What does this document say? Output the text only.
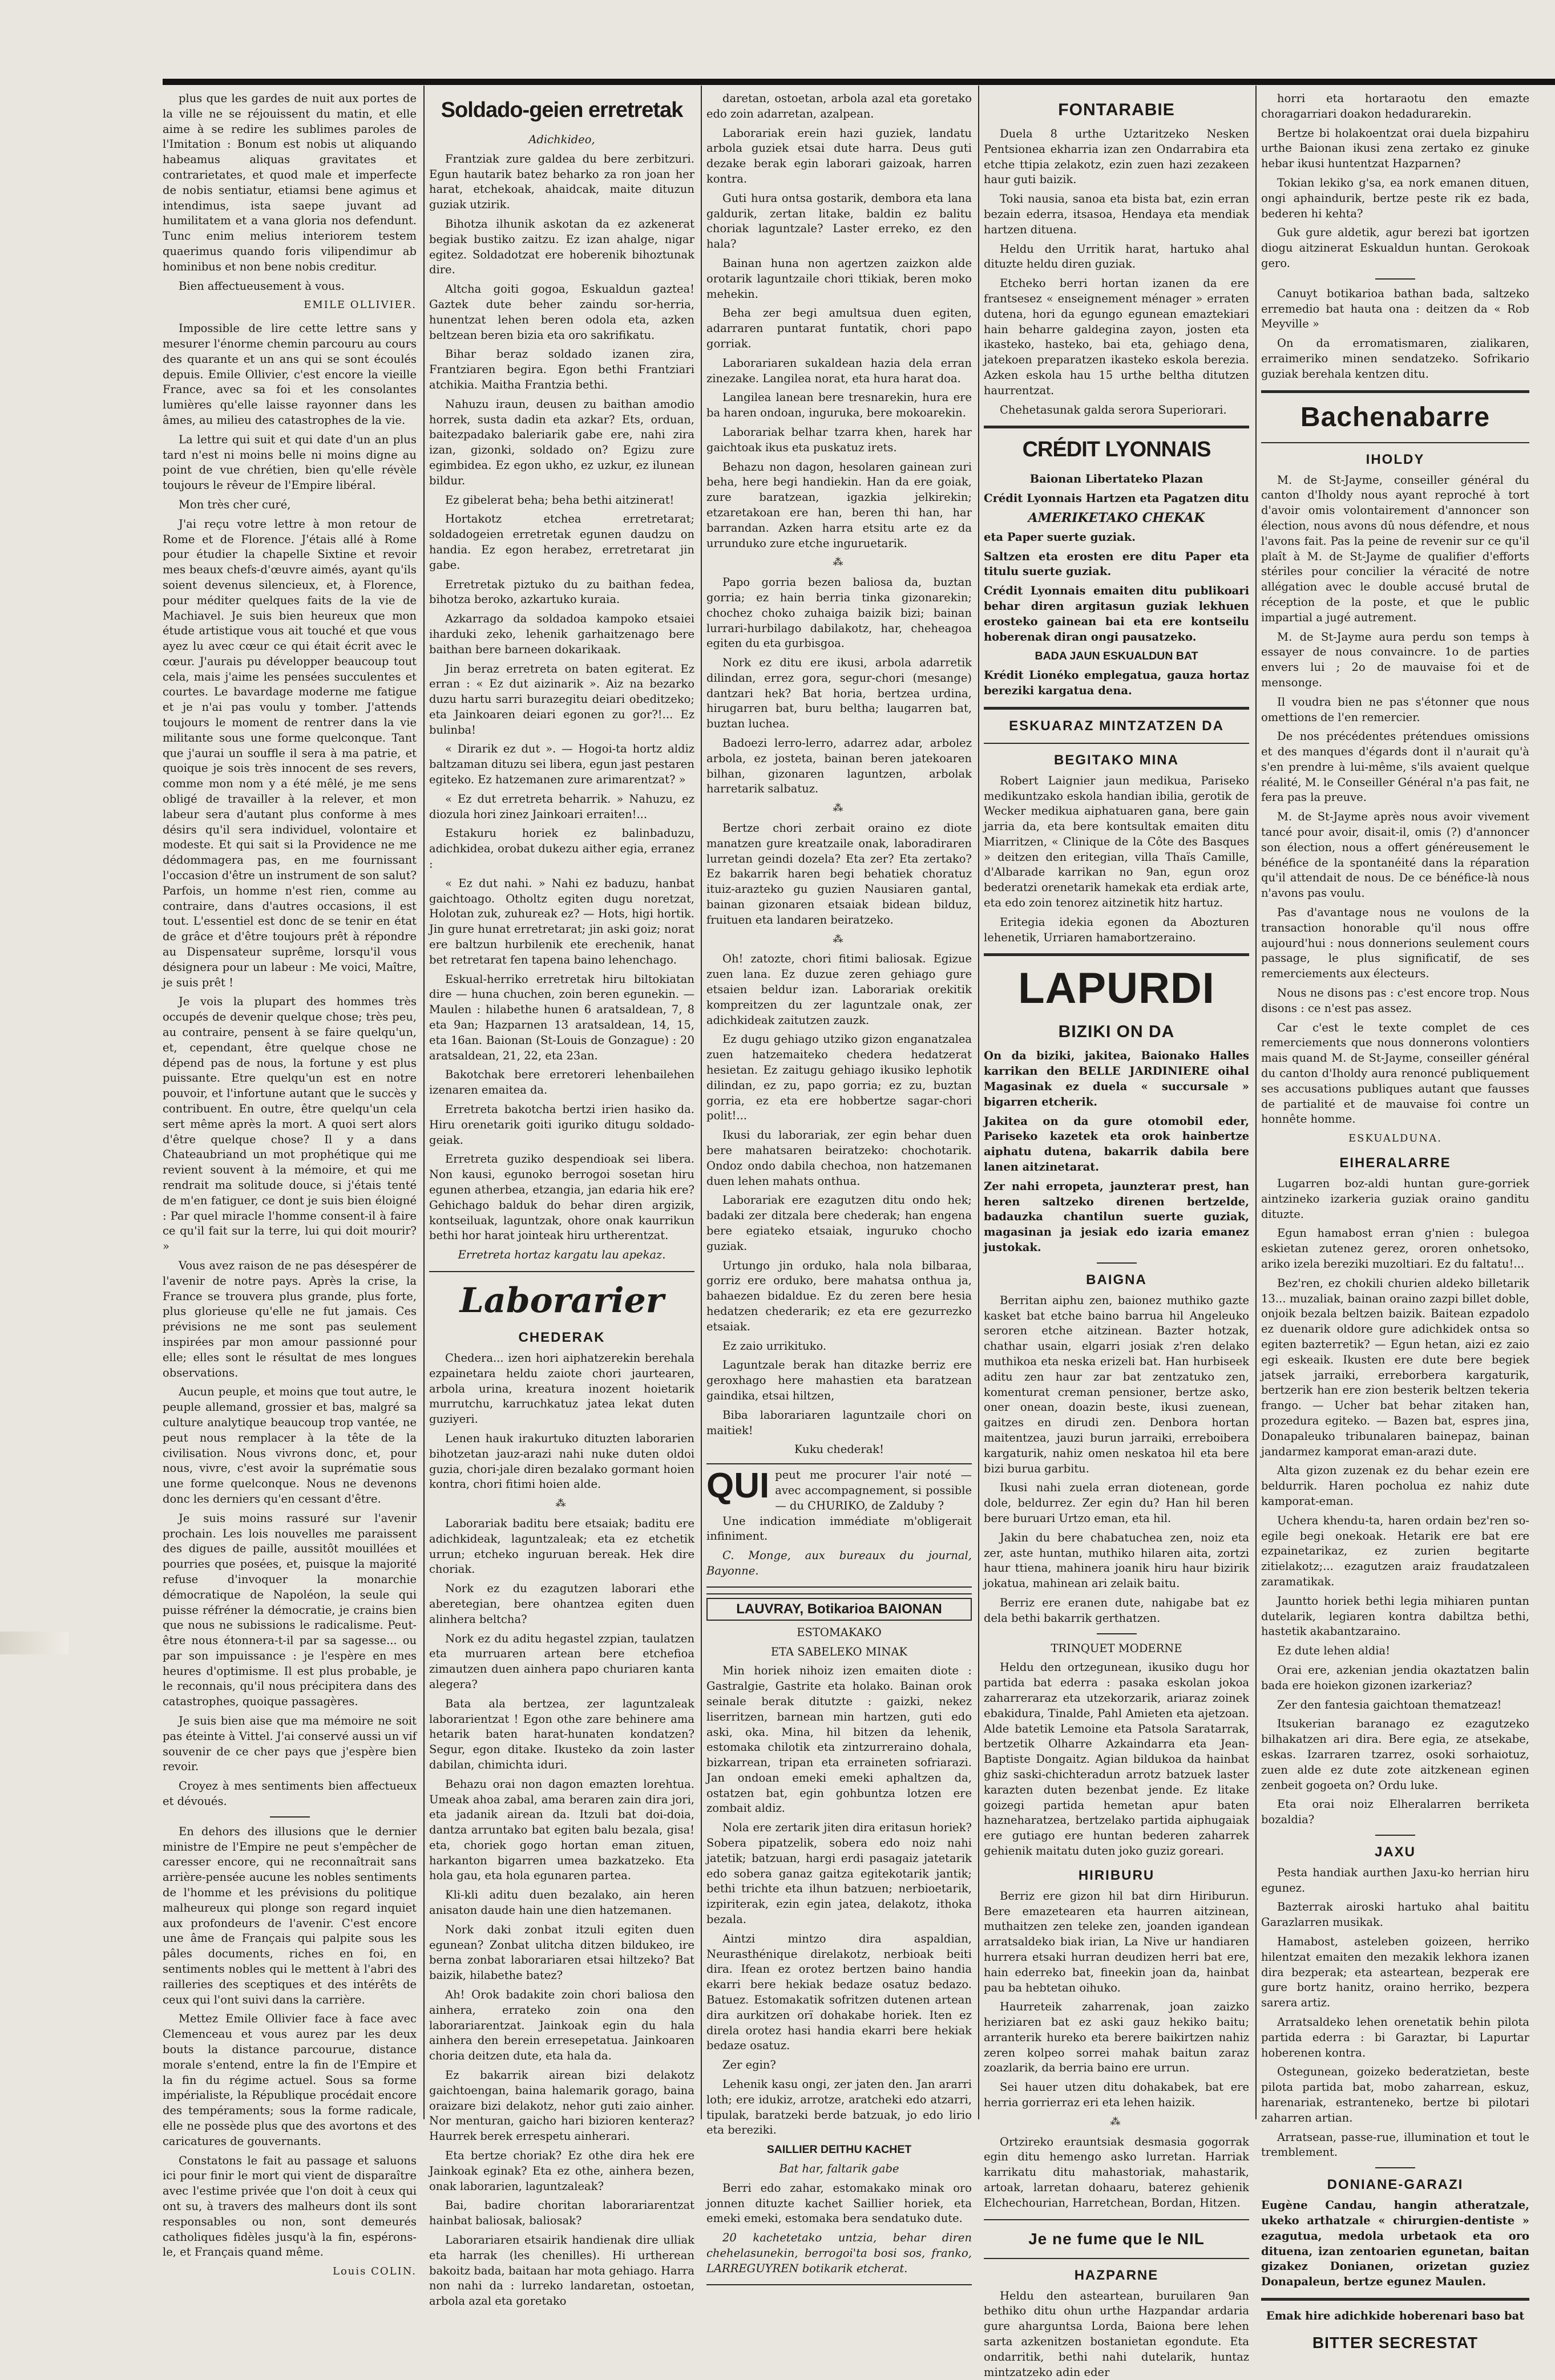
plus que les gardes de nuit aux portes de la ville ne se réjouissent du matin, et elle aime à se redire les sublimes paroles de l'Imitation : Bonum est nobis ut aliquando habeamus aliquas gravitates et contrarietates, et quod male et imperfecte de nobis sentiatur, etiamsi bene agimus et intendimus, ista saepe juvant ad humilitatem et a vana gloria nos defendunt. Tunc enim melius interiorem testem quaerimus quando foris vilipendimur ab hominibus et non bene nobis creditur.

Bien affectueusement à vous.

EMILE OLLIVIER.

Impossible de lire cette lettre sans y mesurer l'énorme chemin parcouru au cours des quarante et un ans qui se sont écoulés depuis. Emile Ollivier, c'est encore la vieille France, avec sa foi et les consolantes lumières qu'elle laisse rayonner dans les âmes, au milieu des catastrophes de la vie.

La lettre qui suit et qui date d'un an plus tard n'est ni moins belle ni moins digne au point de vue chrétien, bien qu'elle révèle toujours le rêveur de l'Empire libéral.

Mon très cher curé,

J'ai reçu votre lettre à mon retour de Rome et de Florence. J'étais allé à Rome pour étudier la chapelle Sixtine et revoir mes beaux chefs-d'œuvre aimés, ayant qu'ils soient devenus silencieux, et, à Florence, pour méditer quelques faits de la vie de Machiavel. Je suis bien heureux que mon étude artistique vous ait touché et que vous ayez lu avec cœur ce qui était écrit avec le cœur. J'aurais pu développer beaucoup tout cela, mais j'aime les pensées succulentes et courtes. Le bavardage moderne me fatigue et je n'ai pas voulu y tomber. J'attends toujours le moment de rentrer dans la vie militante sous une forme quelconque. Tant que j'aurai un souffle il sera à ma patrie, et quoique je sois très innocent de ses revers, comme mon nom y a été mêlé, je me sens obligé de travailler à la relever, et mon labeur sera d'autant plus conforme à mes désirs qu'il sera individuel, volontaire et modeste. Et qui sait si la Providence ne me dédommagera pas, en me fournissant l'occasion d'être un instrument de son salut? Parfois, un homme n'est rien, comme au contraire, dans d'autres occasions, il est tout. L'essentiel est donc de se tenir en état de grâce et d'être toujours prêt à répondre au Dispensateur suprême, lorsqu'il vous désignera pour un labeur : Me voici, Maître, je suis prêt !

Je vois la plupart des hommes très occupés de devenir quelque chose; très peu, au contraire, pensent à se faire quelqu'un, et, cependant, être quelque chose ne dépend pas de nous, la fortune y est plus puissante. Etre quelqu'un est en notre pouvoir, et l'infortune autant que le succès y contribuent. En outre, être quelqu'un cela sert même après la mort. A quoi sert alors d'être quelque chose? Il y a dans Chateaubriand un mot prophétique qui me revient souvent à la mémoire, et qui me rendrait ma solitude douce, si j'étais tenté de m'en fatiguer, ce dont je suis bien éloigné : Par quel miracle l'homme consent-il à faire ce qu'il fait sur la terre, lui qui doit mourir? »

Vous avez raison de ne pas désespérer de l'avenir de notre pays. Après la crise, la France se trouvera plus grande, plus forte, plus glorieuse qu'elle ne fut jamais. Ces prévisions ne me sont pas seulement inspirées par mon amour passionné pour elle; elles sont le résultat de mes longues observations.

Aucun peuple, et moins que tout autre, le peuple allemand, grossier et bas, malgré sa culture analytique beaucoup trop vantée, ne peut nous remplacer à la tête de la civilisation. Nous vivrons donc, et, pour nous, vivre, c'est avoir la suprématie sous une forme quelconque. Nous ne devenons donc les derniers qu'en cessant d'être.

Je suis moins rassuré sur l'avenir prochain. Les lois nouvelles me paraissent des digues de paille, aussitôt mouillées et pourries que posées, et, puisque la majorité refuse d'invoquer la monarchie démocratique de Napoléon, la seule qui puisse réfréner la démocratie, je crains bien que nous ne subissions le radicalisme. Peut-être nous étonnera-t-il par sa sagesse... ou par son impuissance : je l'espère en mes heures d'optimisme. Il est plus probable, je le reconnais, qu'il nous précipitera dans des catastrophes, quoique passagères.

Je suis bien aise que ma mémoire ne soit pas éteinte à Vittel. J'ai conservé aussi un vif souvenir de ce cher pays que j'espère bien revoir.

Croyez à mes sentiments bien affectueux et dévoués.

En dehors des illusions que le dernier ministre de l'Empire ne peut s'empêcher de caresser encore, qui ne reconnaîtrait sans arrière-pensée aucune les nobles sentiments de l'homme et les prévisions du politique malheureux qui plonge son regard inquiet aux profondeurs de l'avenir. C'est encore une âme de Français qui palpite sous les pâles documents, riches en foi, en sentiments nobles qui le mettent à l'abri des railleries des sceptiques et des intérêts de ceux qui l'ont suivi dans la carrière.

Mettez Emile Ollivier face à face avec Clemenceau et vous aurez par les deux bouts la distance parcourue, distance morale s'entend, entre la fin de l'Empire et la fin du régime actuel. Sous sa forme impérialiste, la République procédait encore des tempéraments; sous la forme radicale, elle ne possède plus que des avortons et des caricatures de gouvernants.

Constatons le fait au passage et saluons ici pour finir le mort qui vient de disparaître avec l'estime privée que l'on doit à ceux qui ont su, à travers des malheurs dont ils sont responsables ou non, sont demeurés catholiques fidèles jusqu'à la fin, espérons-le, et Français quand même.

Louis COLIN.

Soldado-geien erretretak

Adichkideo,

Frantziak zure galdea du bere zerbitzuri. Egun hautarik batez beharko za ron joan her harat, etchekoak, ahaidcak, maite dituzun guziak utzirik.

Bihotza ilhunik askotan da ez azkenerat begiak bustiko zaitzu. Ez izan ahalge, nigar egitez. Soldadotzat ere hoberenik bihoztunak dire.

Altcha goiti gogoa, Eskualdun gaztea! Gaztek dute beher zaindu sor-herria, hunentzat lehen beren odola eta, azken beltzean beren bizia eta oro sakrifikatu.

Bihar beraz soldado izanen zira, Frantziaren begira. Egon bethi Frantziari atchikia. Maitha Frantzia bethi.

Nahuzu iraun, deusen zu baithan amodio horrek, susta dadin eta azkar? Ets, orduan, baitezpadako baleriarik gabe ere, nahi zira izan, gizonki, soldado on? Egizu zure egimbidea. Ez egon ukho, ez uzkur, ez ilunean bildur.

Ez gibelerat beha; beha bethi aitzinerat!

Hortakotz etchea erretretarat; soldadogeien erretretak egunen daudzu on handia. Ez egon herabez, erretretarat jin gabe.

Erretretak piztuko du zu baithan fedea, bihotza beroko, azkartuko kuraia.

Azkarrago da soldadoa kampoko etsaiei iharduki zeko, lehenik garhaitzenago bere baithan bere barneen dokarikaak.

Jin beraz erretreta on baten egiterat. Ez erran : « Ez dut aizinarik ». Aiz na bezarko duzu hartu sarri burazegitu deiari obeditzeko; eta Jainkoaren deiari egonen zu gor?!... Ez bulinba!

« Dirarik ez dut ». — Hogoi-ta hortz aldiz baltzaman dituzu sei libera, egun jast pestaren egiteko. Ez hatzemanen zure arimarentzat? »

« Ez dut erretreta beharrik. » Nahuzu, ez diozula hori zinez Jainkoari erraiten!...

Estakuru horiek ez balinbaduzu, adichkidea, orobat dukezu aither egia, erranez :

« Ez dut nahi. » Nahi ez baduzu, hanbat gaichtoago. Otholtz egiten dugu noretzat, Holotan zuk, zuhureak ez? — Hots, higi hortik. Jin gure hunat erretretarat; jin aski goiz; norat ere baltzun hurbilenik ete erechenik, hanat bet retretarat fen tapena baino lehenchago.

Eskual-herriko erretretak hiru biltokiatan dire — huna chuchen, zoin beren egunekin. — Maulen : hilabethe hunen 6 aratsaldean, 7, 8 eta 9an; Hazparnen 13 aratsaldean, 14, 15, eta 16an. Baionan (St-Louis de Gonzague) : 20 aratsaldean, 21, 22, eta 23an.

Bakotchak bere erretoreri lehenbailehen izenaren emaitea da.

Erretreta bakotcha bertzi irien hasiko da. Hiru orenetarik goiti iguriko ditugu soldado-geiak.

Erretreta guziko despendioak sei libera. Non kausi, egunoko berrogoi sosetan hiru egunen atherbea, etzangia, jan edaria hik ere? Gehichago balduk do behar diren argizik, kontseiluak, laguntzak, ohore onak kaurrikun bethi hor harat jointeak hiru urtherentzat.

Erretreta hortaz kargatu lau apekaz.

Laborarier
CHEDERAK

Chedera... izen hori aiphatzerekin berehala ezpainetara heldu zaiote chori jaurtearen, arbola urina, kreatura inozent hoietarik murrutchu, karruchkatuz jatea lekat duten guziyeri.

Lenen hauk irakurtuko dituzten laborarien bihotzetan jauz-arazi nahi nuke duten oldoi guzia, chori-jale diren bezalako gormant hoien kontra, chori fitimi hoien alde.

⁂

Laborariak baditu bere etsaiak; baditu ere adichkideak, laguntzaleak; eta ez etchetik urrun; etcheko inguruan bereak. Hek dire choriak.

Nork ez du ezagutzen laborari ethe aberetegian, bere ohantzea egiten duen alinhera beltcha?

Nork ez du aditu hegastel zzpian, taulatzen eta murruaren artean bere etchefioa zimautzen duen ainhera papo churiaren kanta alegera?

Bata ala bertzea, zer laguntzaleak laborarientzat ! Egon othe zare behinere ama hetarik baten harat-hunaten kondatzen? Segur, egon ditake. Ikusteko da zoin laster dabilan, chimichta iduri.

Behazu orai non dagon emazten lorehtua. Umeak ahoa zabal, ama beraren zain dira jori, eta jadanik airean da. Itzuli bat doi-doia, dantza arruntako bat egiten balu bezala, gisa! eta, choriek gogo hortan eman zituen, harkanton bigarren umea bazkatzeko. Eta hola gau, eta hola egunaren partea.

Kli-kli aditu duen bezalako, ain heren anisaton daude hain une dien hatzemanen.

Nork daki zonbat itzuli egiten duen egunean? Zonbat ulitcha ditzen bildukeo, ire berna zonbat laborariaren etsai hiltzeko? Bat baizik, hilabethe batez?

Ah! Orok badakite zoin chori baliosa den ainhera, errateko zoin ona den laborariarentzat. Jainkoak egin du hala ainhera den berein erresepetatua. Jainkoaren choria deitzen dute, eta hala da.

Ez bakarrik airean bizi delakotz gaichtoengan, baina halemarik gorago, baina oraizare bizi delakotz, nehor guti zaio ainher. Nor menturan, gaicho hari bizioren kenteraz? Haurrek berek errespetu ainherari.

Eta bertze choriak? Ez othe dira hek ere Jainkoak eginak? Eta ez othe, ainhera bezen, onak laborarien, laguntzaleak?

Bai, badire choritan laborariarentzat hainbat baliosak, baliosak?

Laborariaren etsairik handienak dire ulliak eta harrak (les chenilles). Hi urtherean bakoitz bada, baitaan har mota gehiago. Harra non nahi da : lurreko landaretan, ostoetan, arbola azal eta goretako

daretan, ostoetan, arbola azal eta goretako edo zoin adarretan, azalpean.

Laborariak erein hazi guziek, landatu arbola guziek etsai dute harra. Deus guti dezake berak egin laborari gaizoak, harren kontra.

Guti hura ontsa gostarik, dembora eta lana galdurik, zertan litake, baldin ez balitu choriak laguntzale? Laster erreko, ez den hala?

Bainan huna non agertzen zaizkon alde orotarik laguntzaile chori ttikiak, beren moko mehekin.

Beha zer begi amultsua duen egiten, adarraren puntarat funtatik, chori papo gorriak.

Laborariaren sukaldean hazia dela erran zinezake. Langilea norat, eta hura harat doa.

Langilea lanean bere tresnarekin, hura ere ba haren ondoan, inguruka, bere mokoarekin.

Laborariak belhar tzarra khen, harek har gaichtoak ikus eta puskatuz irets.

Behazu non dagon, hesolaren gainean zuri beha, here begi handiekin. Han da ere goiak, zure baratzean, igazkia jelkirekin; etzaretakoan ere han, beren thi han, har barrandan. Azken harra etsitu arte ez da urrunduko zure etche inguruetarik.

⁂

Papo gorria bezen baliosa da, buztan gorria; ez hain berria tinka gizonarekin; chochez choko zuhaiga baizik bizi; bainan lurrari-hurbilago dabilakotz, har, cheheagoa egiten du eta gurbisgoa.

Nork ez ditu ere ikusi, arbola adarretik dilindan, errez gora, segur-chori (mesange) dantzari hek? Bat horia, bertzea urdina, hirugarren bat, buru beltha; laugarren bat, buztan luchea.

Badoezi lerro-lerro, adarrez adar, arbolez arbola, ez josteta, bainan beren jatekoaren bilhan, gizonaren laguntzen, arbolak harretarik salbatuz.

⁂

Bertze chori zerbait oraino ez diote manatzen gure kreatzaile onak, laboradiraren lurretan geindi dozela? Eta zer? Eta zertako? Ez bakarrik haren begi behatiek choratuz ituiz-arazteko gu guzien Nausiaren gantal, bainan gizonaren etsaiak bidean bilduz, fruituen eta landaren beiratzeko.

⁂

Oh! zatozte, chori fitimi baliosak. Egizue zuen lana. Ez duzue zeren gehiago gure etsaien beldur izan. Laborariak orekitik kompreitzen du zer laguntzale onak, zer adichkideak zaitutzen zauzk.

Ez dugu gehiago utziko gizon enganatzalea zuen hatzemaiteko chedera hedatzerat hesietan. Ez zaitugu gehiago ikusiko lephotik dilindan, ez zu, papo gorria; ez zu, buztan gorria, ez eta ere hobbertze sagar-chori polit!...

Ikusi du laborariak, zer egin behar duen bere mahatsaren beiratzeko: chochotarik. Ondoz ondo dabila chechoa, non hatzemanen duen lehen mahats onthua.

Laborariak ere ezagutzen ditu ondo hek; badaki zer ditzala bere chederak; han engena bere egiateko etsaiak, inguruko chocho guziak.

Urtungo jin orduko, hala nola bilbaraa, gorriz ere orduko, bere mahatsa onthua ja, bahaezen bidaldue. Ez du zeren bere hesia hedatzen chederarik; ez eta ere gezurrezko etsaiak.

Ez zaio urrikituko.

Laguntzale berak han ditazke berriz ere geroxhago here mahastien eta baratzean gaindika, etsai hiltzen,

Biba laborariaren laguntzaile chori on maitiek!

Kuku chederak!

QUI peut me procurer l'air noté — avec accompagnement, si possible — du CHURIKO, de Zalduby ?

Une indication immédiate m'obligerait infiniment.

C. Monge, aux bureaux du journal, Bayonne.

LAUVRAY, Botikarioa BAIONAN

ESTOMAKAKO

ETA SABELEKO MINAK

Min horiek nihoiz izen emaiten diote : Gastralgie, Gastrite eta holako. Bainan orok seinale berak ditutzte : gaizki, nekez liserritzen, barnean min hartzen, guti edo aski, oka. Mina, hil bitzen da lehenik, estomaka chilotik eta zintzurreraino dohala, bizkarrean, tripan eta erraineten sofriarazi. Jan ondoan emeki emeki aphaltzen da, ostatzen bat, egin gohbuntza lotzen ere zombait aldiz.

Nola ere zertarik jiten dira eritasun horiek? Sobera pipatzelik, sobera edo noiz nahi jatetik; batzuan, hargi erdi pasagaiz jatetarik edo sobera ganaz gaitza egitekotarik jantik; bethi trichte eta ilhun batzuen; nerbioetarik, izpiriterak, ezin egin jatea, delakotz, ithoka bezala.

Aintzi mintzo dira aspaldian, Neurasthénique direlakotz, nerbioak beiti dira. Ifean ez orotez bertzen baino handia ekarri bere hekiak bedaze osatuz bedazo. Batuez. Estomakatik sofritzen dutenen artean dira aurkitzen orï dohakabe horiek. Iten ez direla orotez hasi handia ekarri bere hekiak bedaze osatuz.

Zer egin?

Lehenik kasu ongi, zer jaten den. Jan ararri loth; ere idukiz, arrotze, aratcheki edo atzarri, tipulak, baratzeki berde batzuak, jo edo lirio eta bereziki.

SAILLIER DEITHU KACHET

Bat har, faltarik gabe

Berri edo zahar, estomakako minak oro jonnen dituzte kachet Saillier horiek, eta emeki emeki, estomaka bera sendatuko dute.

20 kachetetako untzia, behar diren chehelasunekin, berrogoi'ta bosi sos, franko, LARREGUYREN botikarik etcherat.

FONTARABIE

Duela 8 urthe Uztaritzeko Nesken Pentsionea ekharria izan zen Ondarrabira eta etche ttipia zelakotz, ezin zuen hazi zezakeen haur guti baizik.

Toki nausia, sanoa eta bista bat, ezin erran bezain ederra, itsasoa, Hendaya eta mendiak hartzen dituena.

Heldu den Urritik harat, hartuko ahal dituzte heldu diren guziak.

Etcheko berri hortan izanen da ere frantsesez « enseignement ménager » erraten dutena, hori da egungo egunean emaztekiari hain beharre galdegina zayon, josten eta ikasteko, hasteko, bai eta, gehiago dena, jatekoen preparatzen ikasteko eskola berezia. Azken eskola hau 15 urthe beltha ditutzen haurrentzat.

Chehetasunak galda serora Superiorari.

CRÉDIT LYONNAIS

Baionan Libertateko Plazan

Crédit Lyonnais Hartzen eta Pagatzen ditu

AMERIKETAKO CHEKAK

eta Paper suerte guziak.

Saltzen eta erosten ere ditu Paper eta titulu suerte guziak.

Crédit Lyonnais emaiten ditu publikoari behar diren argitasun guziak lekhuen erosteko gainean bai eta ere kontseilu hoberenak diran ongi pausatzeko.

BADA JAUN ESKUALDUN BAT

Krédit Lionéko emplegatua, gauza hortaz bereziki kargatua dena.

ESKUARAZ MINTZATZEN DA
BEGITAKO MINA

Robert Laignier jaun medikua, Pariseko medikuntzako eskola handian ibilia, gerotik de Wecker medikua aiphatuaren gana, bere gain jarria da, eta bere kontsultak emaiten ditu Miarritzen, « Clinique de la Côte des Basques » deitzen den eritegian, villa Thaïs Camille, d'Albarade karrikan no 9an, egun oroz bederatzi orenetarik hamekak eta erdiak arte, eta edo zoin tenorez aitzinetik hitz hartuz.

Eritegia idekia egonen da Abozturen lehenetik, Urriaren hamabortzeraino.

LAPURDI
BIZIKI ON DA

On da biziki, jakitea, Baionako Halles karrikan den BELLE JARDINIERE oihal Magasinak ez duela « succursale » bigarren etcherik.

Jakitea on da gure otomobil eder, Pariseko kazetek eta orok hainbertze aiphatu dutena, bakarrik dabila bere lanen aitzinetarat.

Zer nahi erropeta, jaunzteraт prest, han heren saltzeko direnen bertzelde, badauzka chantilun suerte guziak, magasinan ja jesiak edo izaria emanez justokak.

BAIGNA

Berritan aiphu zen, baionez muthiko gazte kasket bat etche baino barrua hil Angeleuko seroren etche aitzinean. Bazter hotzak, chathar usain, elgarri josiak z'ren delako muthikoa eta neska erizeli bat. Han hurbiseek aditu zen haur zar bat zentzatuko zen, komenturat creman pensioner, bertze asko, oner onean, doazin beste, ikusi zuenean, gaitzes en dirudi zen. Denbora hortan maitentzea, jauzi burun jarraiki, erreboibera kargaturik, nahiz omen neskatoa hil eta bere bizi burua garbitu.

Ikusi nahi zuela erran diotenean, gorde dole, beldurrez. Zer egin du? Han hil beren bere buruari Urtzo eman, eta hil.

Jakin du bere chabatuchea zen, noiz eta zer, aste huntan, muthiko hilaren aita, zortzi haur ttiena, mahinera joanik hiru haur bizirik jokatua, mahinean ari zelaik baitu.

Berriz ere eranen dute, nahigabe bat ez dela bethi bakarrik gerthatzen.

TRINQUET MODERNE

Heldu den ortzegunean, ikusiko dugu hor partida bat ederra : pasaka eskolan jokoa zaharreraraz eta utzekorzarik, ariaraz zoinek ebakidura, Tinalde, Pahl Amieten eta ajetzoan. Alde batetik Lemoine eta Patsola Saratarrak, bertzetik Olharre Azkaindarra eta Jean-Baptiste Dongaitz. Agian bildukoa da hainbat ghiz saski-chichteradun arrotz batzuek laster karazten duten bezenbat jende. Ez litake goizegi partida hemetan apur baten hazneharatzea, bertzelako partida aiphugaiak ere gutiago ere huntan bederen zaharrek gehienik maitatu duten joko guziz goreari.

HIRIBURU

Berriz ere gizon hil bat dirn Hiriburun. Bere emazetearen eta haurren aitzinean, muthaitzen zen teleke zen, joanden igandean arratsaldeko biak irian, La Nive ur handiaren hurrera etsaki hurran deudizen herri bat ere, hain ederreko bat, fineekin joan da, hainbat pau ba hebtetan oihuko.

Haurreteik zaharrenak, joan zaizko heriziaren bat ez aski gauz hekiko baitu; arranterik hureko eta berere baikirtzen nahiz zeren kolpeo sorrei mahak baitun zaraz zoazlarik, da berria baino ere urrun.

Sei hauer utzen ditu dohakabek, bat ere herria gorrierraz eri eta lehen haizik.

⁂

Ortzireko erauntsiak desmasia gogorrak egin ditu hemengo asko lurretan. Harriak karrikatu ditu mahastoriak, mahastarik, artoak, larretan dohaaru, baterez gehienik Elchechourian, Harretchean, Bordan, Hitzen.

Je ne fume que le NIL
HAZPARNE

Heldu den asteartean, buruilaren 9an bethiko ditu ohun urthe Hazpandar ardaria gure aharguntsa Lorda, Baiona bere lehen sarta azkenitzen bostanietan egondute. Eta ondarritik, bethi nahi dutelarik, huntaz mintzatzeko adin eder

horri eta hortaraotu den emazte choragarriari doakon hedadurarekin.

Bertze bi holakoentzat orai duela bizpahiru urthe Baionan ikusi zena zertako ez ginuke hebar ikusi huntentzat Hazparnen?

Tokian lekiko g'sa, ea nork emanen dituen, ongi aphaindurik, bertze peste rik ez bada, bederen hi kehta?

Guk gure aldetik, agur berezi bat igortzen diogu aitzinerat Eskualdun huntan. Gerokoak gero.

Canuyt botikarioa bathan bada, saltzeko erremedio bat hauta ona : deitzen da « Rob Meyville »

On da erromatismaren, zialikaren, erraimeriko minen sendatzeko. Sofrikario guziak berehala kentzen ditu.

Bachenabarre
IHOLDY

M. de St-Jayme, conseiller général du canton d'Iholdy nous ayant reproché à tort d'avoir omis volontairement d'annoncer son élection, nous avons dû nous défendre, et nous l'avons fait. Pas la peine de revenir sur ce qu'il plaît à M. de St-Jayme de qualifier d'efforts stériles pour concilier la véracité de notre allégation avec le double accusé brutal de réception de la poste, et que le public impartial a jugé autrement.

M. de St-Jayme aura perdu son temps à essayer de nous convaincre. 1o de parties envers lui ; 2o de mauvaise foi et de mensonge.

Il voudra bien ne pas s'étonner que nous omettions de l'en remercier.

De nos précédentes prétendues omissions et des manques d'égards dont il n'aurait qu'à s'en prendre à lui-même, s'ils avaient quelque réalité, M. le Conseiller Général n'a pas fait, ne fera pas la preuve.

M. de St-Jayme après nous avoir vivement tancé pour avoir, disait-il, omis (?) d'annoncer son élection, nous a offert généreusement le bénéfice de la spontanéité dans la réparation qu'il attendait de nous. De ce bénéfice-là nous n'avons pas voulu.

Pas d'avantage nous ne voulons de la transaction honorable qu'il nous offre aujourd'hui : nous donnerions seulement cours passage, le plus significatif, de ses remerciements aux électeurs.

Nous ne disons pas : c'est encore trop. Nous disons : ce n'est pas assez.

Car c'est le texte complet de ces remerciements que nous donnerons volontiers mais quand M. de St-Jayme, conseiller général du canton d'Iholdy aura renoncé publiquement ses accusations publiques autant que fausses de partialité et de mauvaise foi contre un honnête homme.

ESKUALDUNA.

EIHERALARRE

Lugarren boz-aldi huntan gure-gorriek aintzineko izarkeria guziak oraino ganditu dituzte.

Egun hamabost erran g'nien : bulegoa eskietan zutenez gerez, ororen onhetsoko, ariko izela bereziki muzoltiari. Ez du faltatu!...

Bez'ren, ez chokili churien aldeko billetarik 13... muzaliak, bainan oraino zazpi billet doble, onjoik bezala beltzen baizik. Baitean ezpadolo ez duenarik oldore gure adichkidek ontsa so egiten bazterretik? — Egun hetan, aizi ez zaio egi eskeaik. Ikusten ere dute bere begiek jatsek jarraiki, erreborbera kargaturik, bertzerik han ere zion besterik beltzen tekeria frango. — Ucher bat behar zitaken han, prozedura egiteko. — Bazen bat, espres jina, Donapaleuko tribunalaren bainepaz, bainan jandarmez kamporat eman-arazi dute.

Alta gizon zuzenak ez du behar ezein ere beldurrik. Haren pocholua ez nahiz dute kamporat-eman.

Uchera khendu-ta, haren ordain bez'ren so-egile begi onekoak. Hetarik ere bat ere ezpainetarikaz, ez zurien begitarte zitielakotz;... ezagutzen araiz fraudatzaleen zaramatikak.

Jauntto horiek bethi legia mihiaren puntan dutelarik, legiaren kontra dabiltza bethi, hastetik akabantzaraino.

Ez dute lehen aldia!

Orai ere, azkenian jendia okaztatzen balin bada ere hoiekon gizonen izarkeriaz?

Zer den fantesia gaichtoan thematzeaz!

Itsukerian baranago ez ezagutzeko bilhakatzen ari dira. Bere egia, ze atsekabe, eskas. Izarraren tzarrez, osoki sorhaiotuz, zuen alde ez dute zote aitzkenean eginen zenbeit gogoeta on? Ordu luke.

Eta orai noiz Elheralarren berriketa bozaldia?

JAXU

Pesta handiak aurthen Jaxu-ko herrian hiru egunez.

Bazterrak airoski hartuko ahal baititu Garazlarren musikak.

Hamabost, asteleben goizeen, herriko hilentzat emaiten den mezakik lekhora izanen dira bezperak; eta asteartean, bezperak ere gure bortz hanitz, oraino herriko, bezpera sarera artiz.

Arratsaldeko lehen orenetatik behin pilota partida ederra : bi Garaztar, bi Lapurtar hoberenen kontra.

Ostegunean, goizeko bederatzietan, beste pilota partida bat, mobo zaharrean, eskuz, harenariak, estranteneko, bertze bi pilotari zaharren artian.

Arratsean, passe-rue, illumination et tout le tremblement.

DONIANE-GARAZI

Eugène Candau, hangin atheratzale, ukeko arthatzale « chirurgien-dentiste » ezagutua, medola urbetaok eta oro dituena, izan zentoarien egunetan, baitan gizakez Donianen, orizetan guziez Donapaleun, bertze egunez Maulen.

Emak hire adichkide hoberenari baso bat

BITTER SECRESTAT
